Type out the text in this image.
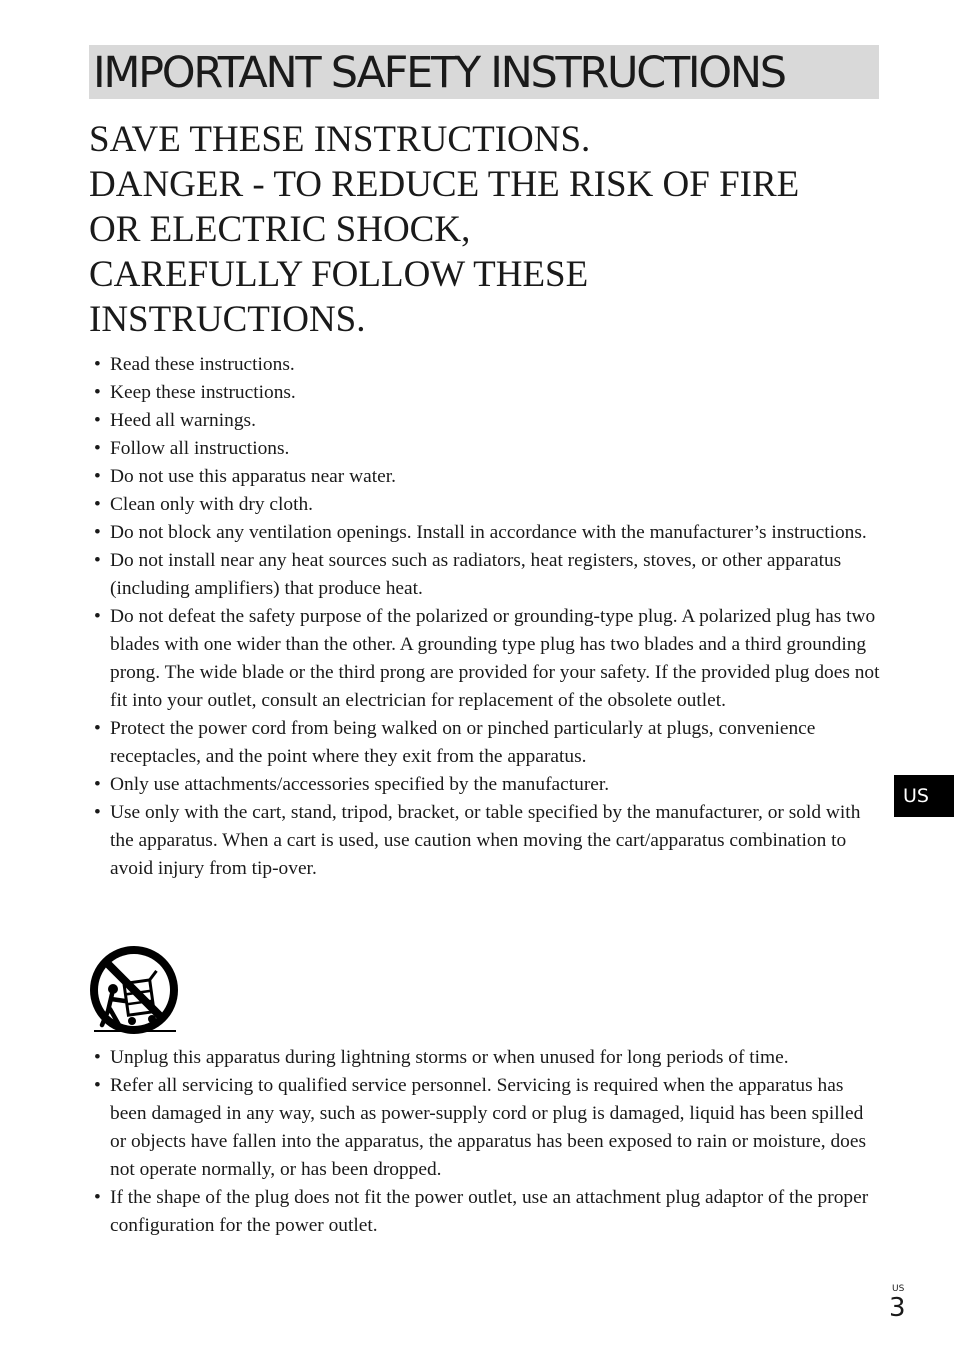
IMPORTANT SAFETY INSTRUCTIONS
SAVE THESE INSTRUCTIONS.
DANGER - TO REDUCE THE RISK OF FIRE
OR ELECTRIC SHOCK,
CAREFULLY FOLLOW THESE
INSTRUCTIONS.
• Read these instructions.
• Keep these instructions.
• Heed all warnings.
• Follow all instructions.
• Do not use this apparatus near water.
• Clean only with dry cloth.
• Do not block any ventilation openings. Install in accordance with the manufacturer’s instructions.
• Do not install near any heat sources such as radiators, heat registers, stoves, or other apparatus (including amplifiers) that produce heat.
• Do not defeat the safety purpose of the polarized or grounding-type plug. A polarized plug has two blades with one wider than the other. A grounding type plug has two blades and a third grounding prong. The wide blade or the third prong are provided for your safety. If the provided plug does not fit into your outlet, consult an electrician for replacement of the obsolete outlet.
• Protect the power cord from being walked on or pinched particularly at plugs, convenience receptacles, and the point where they exit from the apparatus.
• Only use attachments/accessories specified by the manufacturer.
• Use only with the cart, stand, tripod, bracket, or table specified by the manufacturer, or sold with the apparatus. When a cart is used, use caution when moving the cart/apparatus combination to avoid injury from tip-over.
• Unplug this apparatus during lightning storms or when unused for long periods of time.
• Refer all servicing to qualified service personnel. Servicing is required when the apparatus has been damaged in any way, such as power-supply cord or plug is damaged, liquid has been spilled or objects have fallen into the apparatus, the apparatus has been exposed to rain or moisture, does not operate normally, or has been dropped.
• If the shape of the plug does not fit the power outlet, use an attachment plug adaptor of the proper configuration for the power outlet.
US
US
3
